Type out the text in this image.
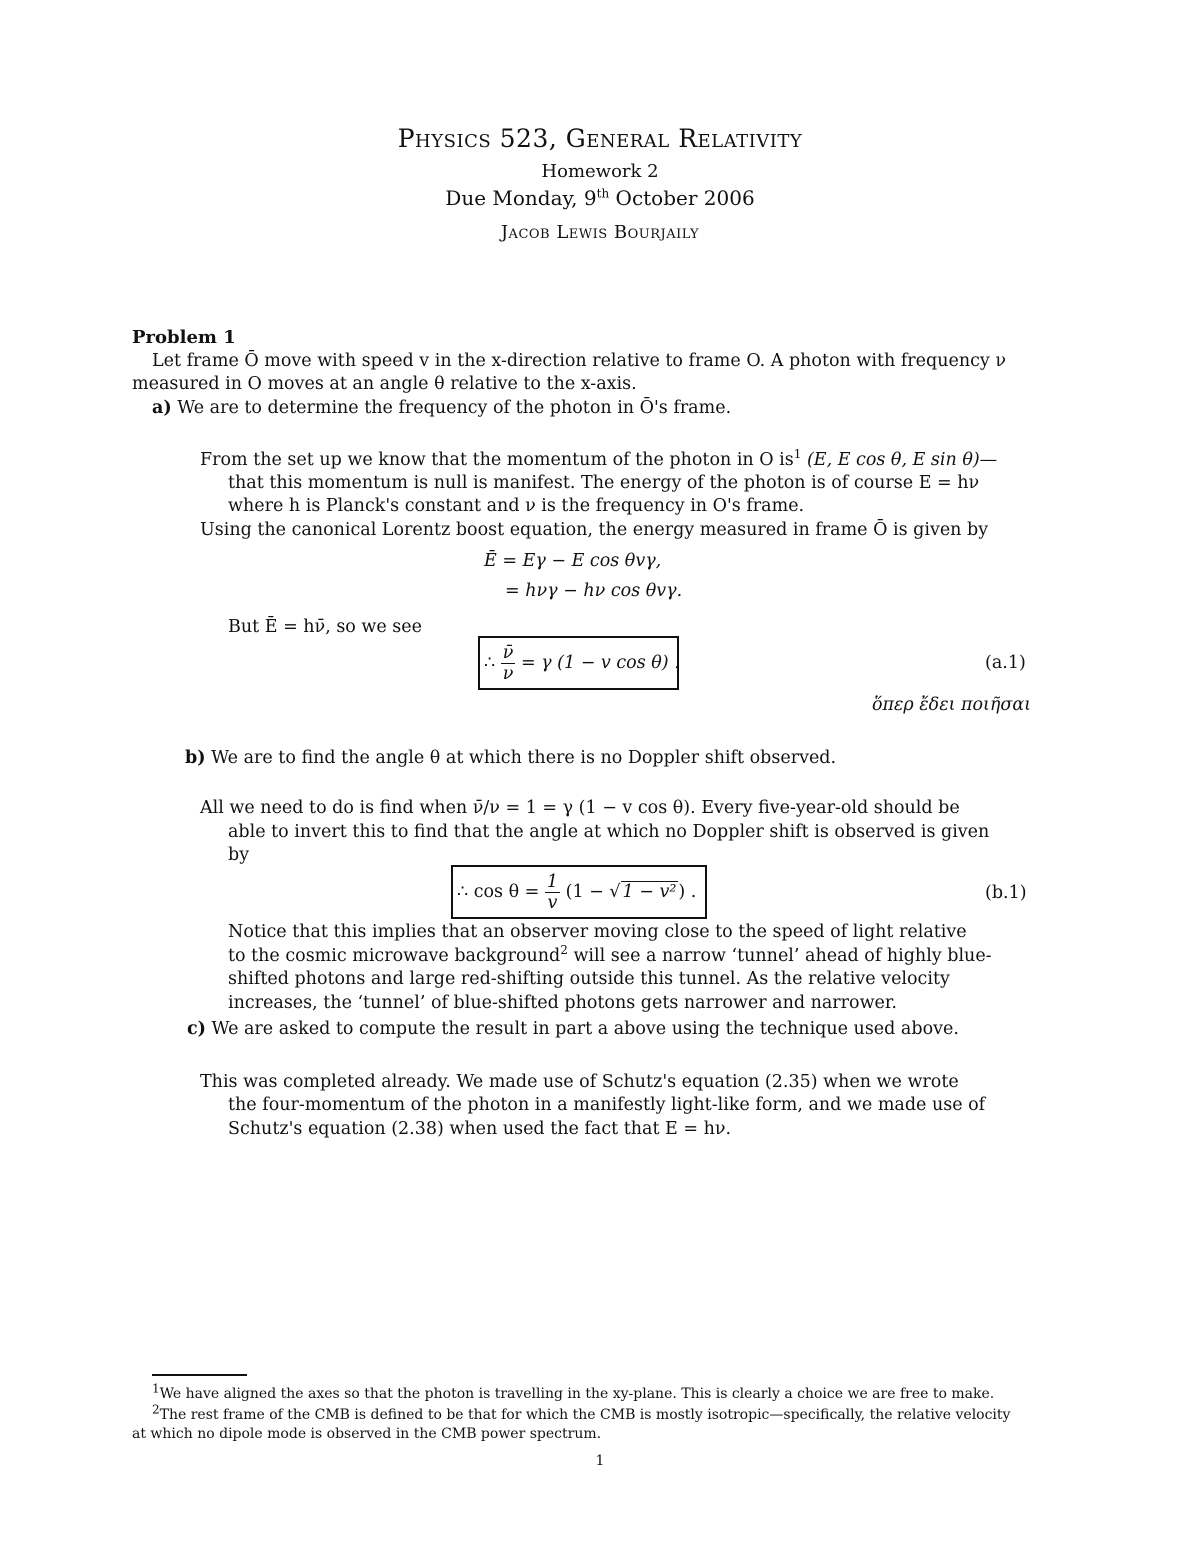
Physics 523, General Relativity
Homework 2
Due Monday, 9th October 2006
Jacob Lewis Bourjaily
Problem 1
Let frame Ō move with speed v in the x-direction relative to frame O. A photon with frequency ν
measured in O moves at an angle θ relative to the x-axis.
a) We are to determine the frequency of the photon in Ō's frame.
From the set up we know that the momentum of the photon in O $is^1$ (E, E cos θ, E sin θ)—
that this momentum is null is manifest. The energy of the photon is of course E = hν
where h is Planck's constant and ν is the frequency in O's frame.
Using the canonical Lorentz boost equation, the energy measured in frame Ō is given by
Ē = Eγ − E cos θvγ,
= hνγ − hν cos θvγ.
But Ē = hν̄, so we see
∴ $\frac{\nū}{\nu} = \gamma$ (1 − v cos θ) .	(a.1)
ὅπερ ἔδει ποιῆσαι
b) We are to find the angle θ at which there is no Doppler shift observed.
All we need to do is find when ν̄/ν = 1 = γ (1 − v cos θ). Every five-year-old should be
able to invert this to find that the angle at which no Doppler shift is observed is given
by
∴ $\cos \theta = \frac{1}{v} (1$ − √ 1 − v² ) .	(b.1)
Notice that this implies that an observer moving close to the speed of light relative
to the cosmic microwave background$^2$ will see a narrow ‘tunnel’ ahead of highly blue-
shifted photons and large red-shifting outside this tunnel. As the relative velocity
increases, the ‘tunnel’ of blue-shifted photons gets narrower and narrower.
c) We are asked to compute the result in part a above using the technique used above.
This was completed already. We made use of Schutz's equation (2.35) when we wrote
the four-momentum of the photon in a manifestly light-like form, and we made use of
Schutz's equation (2.38) when used the fact that E = hν.
1We have aligned the axes so that the photon is travelling in the xy-plane. This is clearly a choice we are free to make.
2The rest frame of the CMB is defined to be that for which the CMB is mostly isotropic—specifically, the relative velocity
at which no dipole mode is observed in the CMB power spectrum.
1
